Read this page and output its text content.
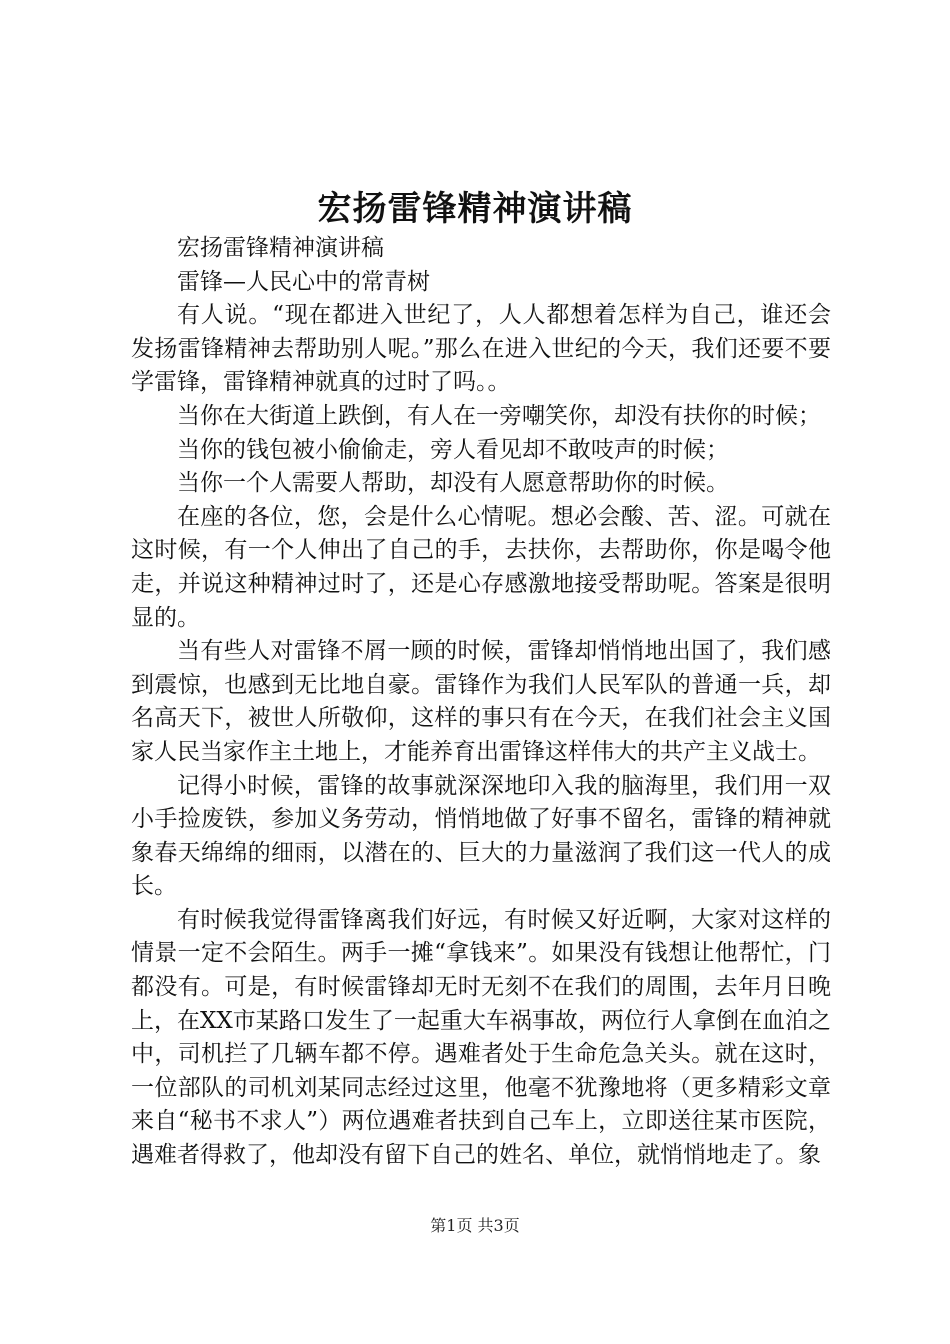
宏扬雷锋精神演讲稿

宏扬雷锋精神演讲稿

雷锋—人民心中的常青树

有人说。“现在都进入世纪了，人人都想着怎样为自己，谁还会发扬雷锋精神去帮助别人呢。”那么在进入世纪的今天，我们还要不要学雷锋，雷锋精神就真的过时了吗。。

当你在大街道上跌倒，有人在一旁嘲笑你，却没有扶你的时候；

当你的钱包被小偷偷走，旁人看见却不敢吱声的时候；

当你一个人需要人帮助，却没有人愿意帮助你的时候。

在座的各位，您，会是什么心情呢。想必会酸、苦、涩。可就在这时候，有一个人伸出了自己的手，去扶你，去帮助你，你是喝令他走，并说这种精神过时了，还是心存感激地接受帮助呢。答案是很明显的。

当有些人对雷锋不屑一顾的时候，雷锋却悄悄地出国了，我们感到震惊，也感到无比地自豪。雷锋作为我们人民军队的普通一兵，却名高天下，被世人所敬仰，这样的事只有在今天，在我们社会主义国家人民当家作主土地上，才能养育出雷锋这样伟大的共产主义战士。

记得小时候，雷锋的故事就深深地印入我的脑海里，我们用一双小手捡废铁，参加义务劳动，悄悄地做了好事不留名，雷锋的精神就象春天绵绵的细雨，以潜在的、巨大的力量滋润了我们这一代人的成长。

有时候我觉得雷锋离我们好远，有时候又好近啊，大家对这样的情景一定不会陌生。两手一摊“拿钱来”。如果没有钱想让他帮忙，门都没有。可是，有时候雷锋却无时无刻不在我们的周围，去年月日晚上，在XX市某路口发生了一起重大车祸事故，两位行人拿倒在血泊之中，司机拦了几辆车都不停。遇难者处于生命危急关头。就在这时，一位部队的司机刘某同志经过这里，他毫不犹豫地将（更多精彩文章来自“秘书不求人”）两位遇难者扶到自己车上，立即送往某市医院，遇难者得救了，他却没有留下自己的姓名、单位，就悄悄地走了。象

第1页 共3页
